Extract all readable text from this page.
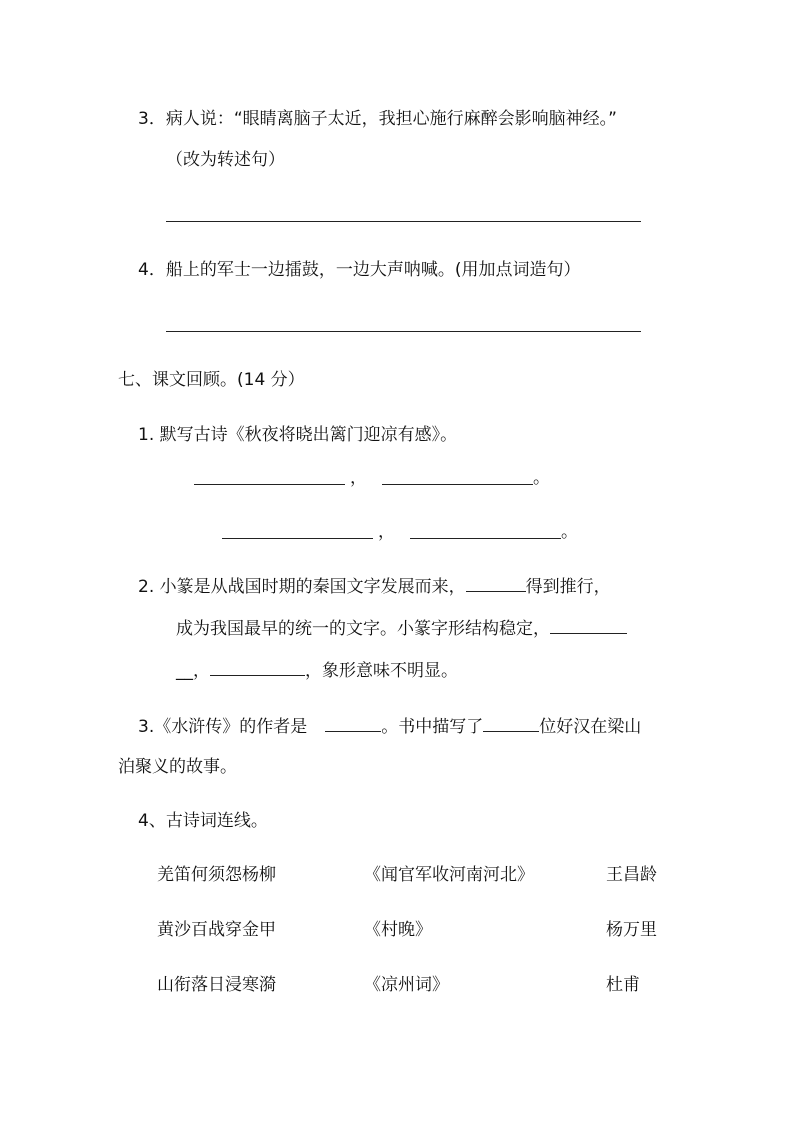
3．病人说：“眼睛离脑子太近，我担心施行麻醉会影响脑神经。”
（改为转述句）
4．船上的军士一边擂鼓，一边大声呐喊。(用加点词造句）
七、课文回顾。(14 分）
1. 默写古诗《秋夜将晓出篱门迎凉有感》。
，	。
，	。
2. 小篆是从战国时期的秦国文字发展而来，	得到推行，
成为我国最早的统一的文字。小篆字形结构稳定，
__，	，象形意味不明显。
3.《水浒传》的作者是	。书中描写了	位好汉在梁山
泊聚义的故事。
4、古诗词连线。
羌笛何须怨杨柳	《闻官军收河南河北》	王昌龄
黄沙百战穿金甲	《村晚》	杨万里
山衔落日浸寒漪	《凉州词》	杜甫
